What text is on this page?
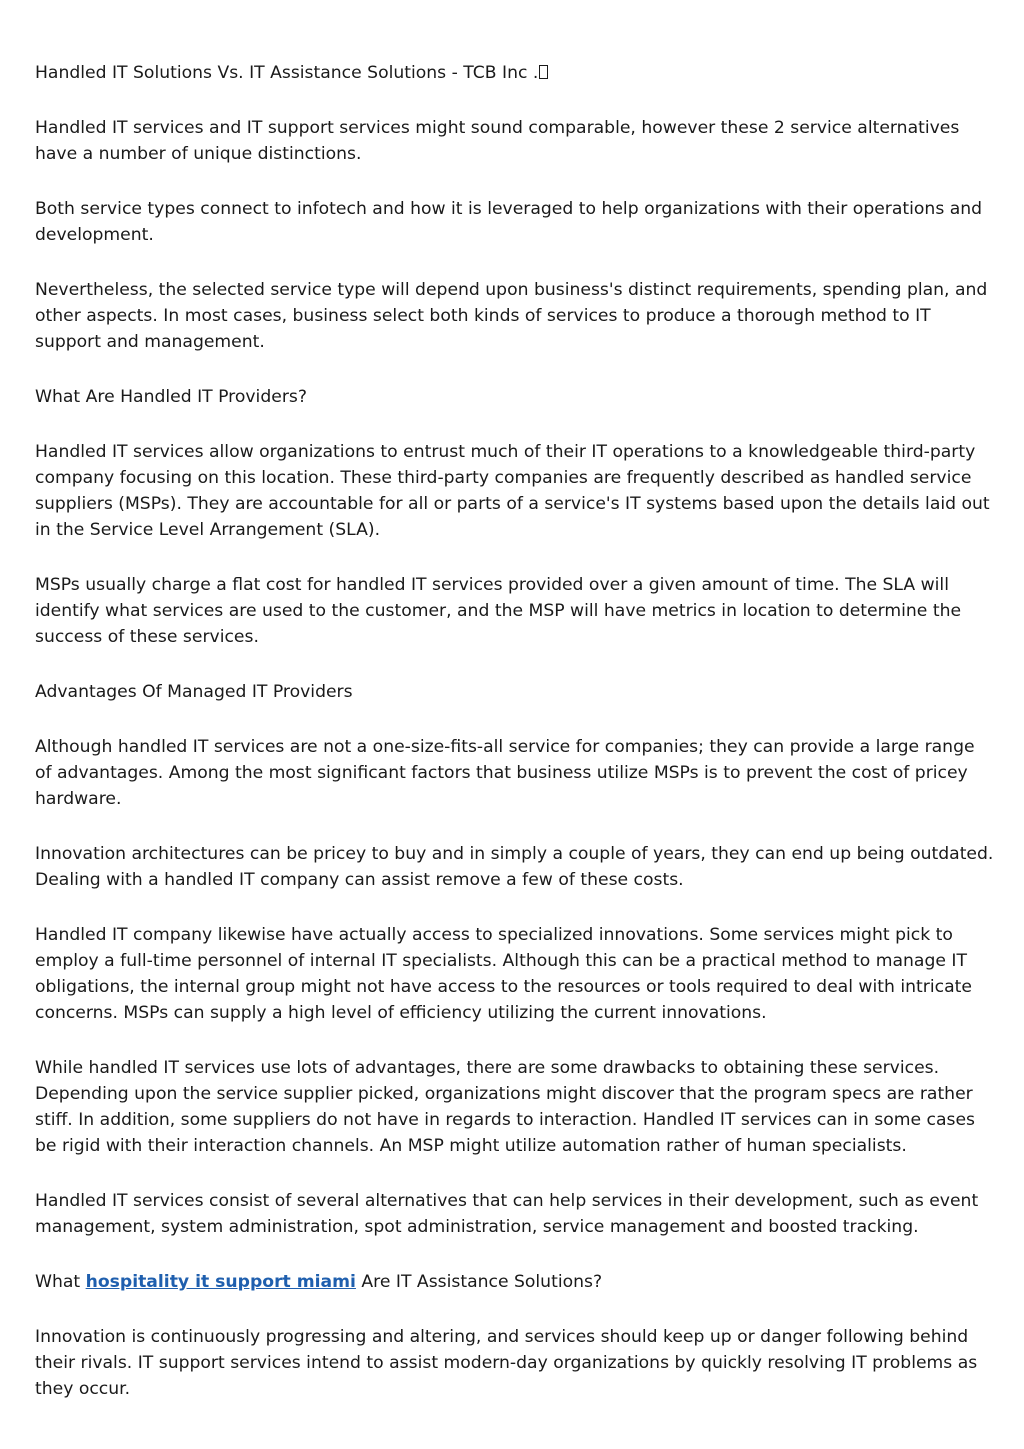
Handled IT Solutions Vs. IT Assistance Solutions - TCB Inc .

Handled IT services and IT support services might sound comparable, however these 2 service alternatives have a number of unique distinctions.

Both service types connect to infotech and how it is leveraged to help organizations with their operations and development.

Nevertheless, the selected service type will depend upon business's distinct requirements, spending plan, and other aspects. In most cases, business select both kinds of services to produce a thorough method to IT support and management.

What Are Handled IT Providers?

Handled IT services allow organizations to entrust much of their IT operations to a knowledgeable third-party company focusing on this location. These third-party companies are frequently described as handled service suppliers (MSPs). They are accountable for all or parts of a service's IT systems based upon the details laid out in the Service Level Arrangement (SLA).

MSPs usually charge a flat cost for handled IT services provided over a given amount of time. The SLA will identify what services are used to the customer, and the MSP will have metrics in location to determine the success of these services.

Advantages Of Managed IT Providers

Although handled IT services are not a one-size-fits-all service for companies; they can provide a large range of advantages. Among the most significant factors that business utilize MSPs is to prevent the cost of pricey hardware.

Innovation architectures can be pricey to buy and in simply a couple of years, they can end up being outdated. Dealing with a handled IT company can assist remove a few of these costs.

Handled IT company likewise have actually access to specialized innovations. Some services might pick to employ a full-time personnel of internal IT specialists. Although this can be a practical method to manage IT obligations, the internal group might not have access to the resources or tools required to deal with intricate concerns. MSPs can supply a high level of efficiency utilizing the current innovations.

While handled IT services use lots of advantages, there are some drawbacks to obtaining these services. Depending upon the service supplier picked, organizations might discover that the program specs are rather stiff. In addition, some suppliers do not have in regards to interaction. Handled IT services can in some cases be rigid with their interaction channels. An MSP might utilize automation rather of human specialists.

Handled IT services consist of several alternatives that can help services in their development, such as event management, system administration, spot administration, service management and boosted tracking.

What hospitality it support miami Are IT Assistance Solutions?

Innovation is continuously progressing and altering, and services should keep up or danger following behind their rivals. IT support services intend to assist modern-day organizations by quickly resolving IT problems as they occur.
